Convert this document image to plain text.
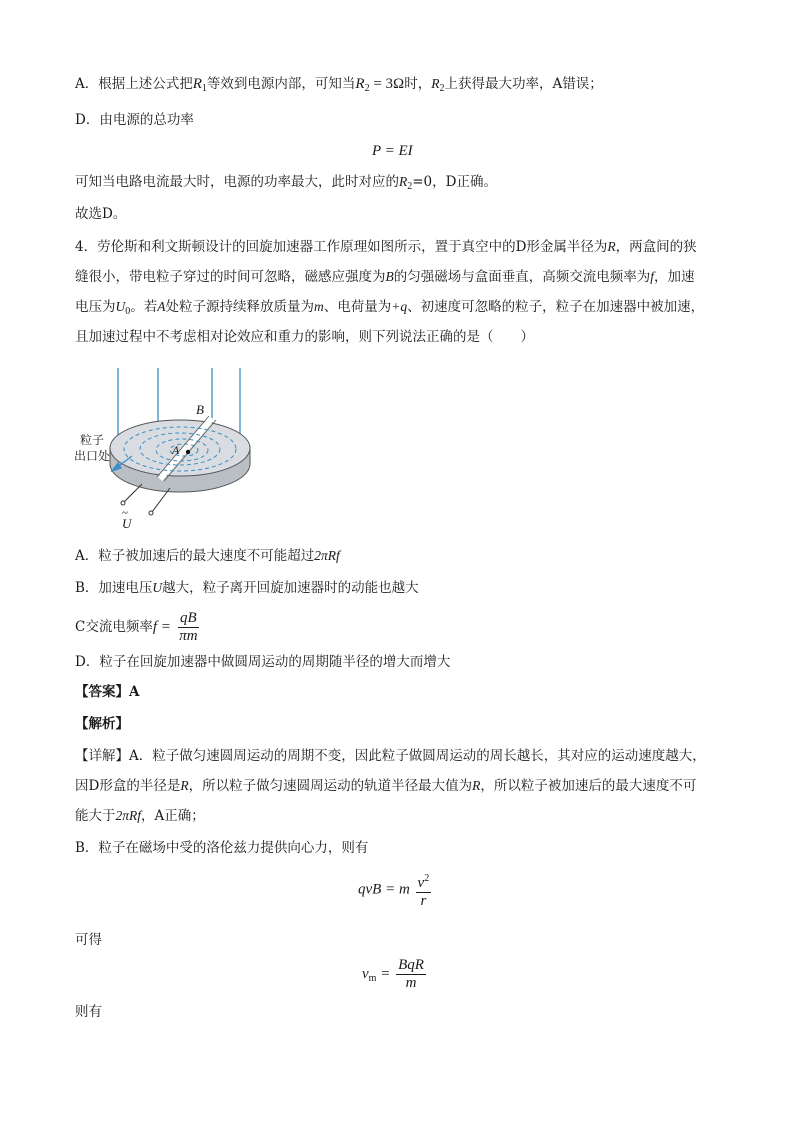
A．根据上述公式把$R_1$等效到电源内部，可知当$R_2 = 3\Omega$时，$R_2$上获得最大功率，A错误；
D．由电源的总功率
P = EI
可知当电路电流最大时，电源的功率最大，此时对应的$R_2=0$，D正确。
故选D。
4．劳伦斯和利文斯顿设计的回旋加速器工作原理如图所示，置于真空中的D形金属半径为R，两盒间的狭
缝很小，带电粒子穿过的时间可忽略，磁感应强度为B的匀强磁场与盒面垂直，高频交流电频率为f，加速
电压为$U_0$。若A处粒子源持续释放质量为m、电荷量为+q、初速度可忽略的粒子，粒子在加速器中被加速，
且加速过程中不考虑相对论效应和重力的影响，则下列说法正确的是（　　）
B
A
粒子
出口处
~
U
A．粒子被加速后的最大速度不可能超过2πRf
B．加速电压U越大，粒子离开回旋加速器时的动能也越大
C交流电频率$f = \frac{qB}{\pi m}$
D．粒子在回旋加速器中做圆周运动的周期随半径的增大而增大
【答案】A
【解析】
【详解】A．粒子做匀速圆周运动的周期不变，因此粒子做圆周运动的周长越长，其对应的运动速度越大，
因D形盒的半径是R，所以粒子做匀速圆周运动的轨道半径最大值为R，所以粒子被加速后的最大速度不可
能大于2πRf，A正确；
B．粒子在磁场中受的洛伦兹力提供向心力，则有
qvB = m $\frac{v^2}{r}$
可得
$v_m = \frac{\text{BqR}}{m}$
则有
